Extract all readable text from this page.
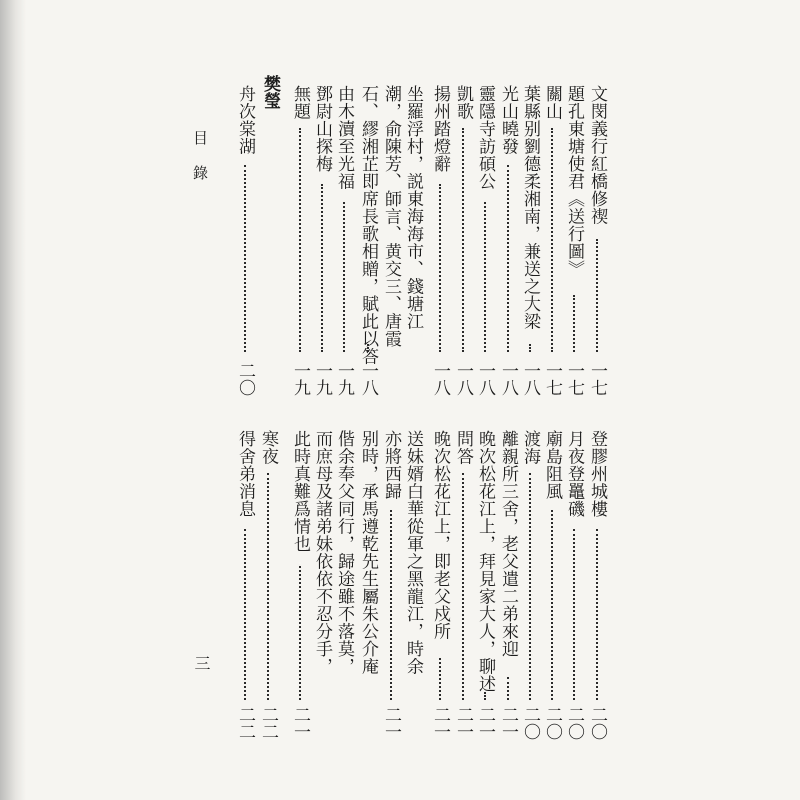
文閔義行紅橋修禊
一七
題孔東塘使君《送行圖》
一七
關山
一七
葉縣别劉德柔湘南，兼送之大梁
一八
光山曉發
一八
靈隱寺訪碩公
一八
凱歌
一八
揚州踏燈辭
一八
坐羅浮村，説東海海市、錢塘江
潮，俞陳芳、師言、黄交三、唐霞
石、繆湘芷即席長歌相贈，賦此以答
一八
由木瀆至光福
一九
鄧尉山探梅
一九
無題
一九
樊瑩
舟次棠湖
二〇
登膠州城樓
二〇
月夜登鼉磯
二〇
廟島阻風
二〇
渡海
二〇
離親所三舍，老父遣二弟來迎
二一
晚次松花江上，拜見家大人，聊述
二一
問答
二一
晚次松花江上，即老父戍所
二一
送妹婿白華從軍之黑龍江，時余
亦將西歸
二一
别時，承馬遵乾先生屬朱公介庵
偕余奉父同行，歸途雖不落莫，
而庶母及諸弟妹依依不忍分手，
此時真難爲情也
二一
寒夜
二二
得舍弟消息
二二
目錄
三
